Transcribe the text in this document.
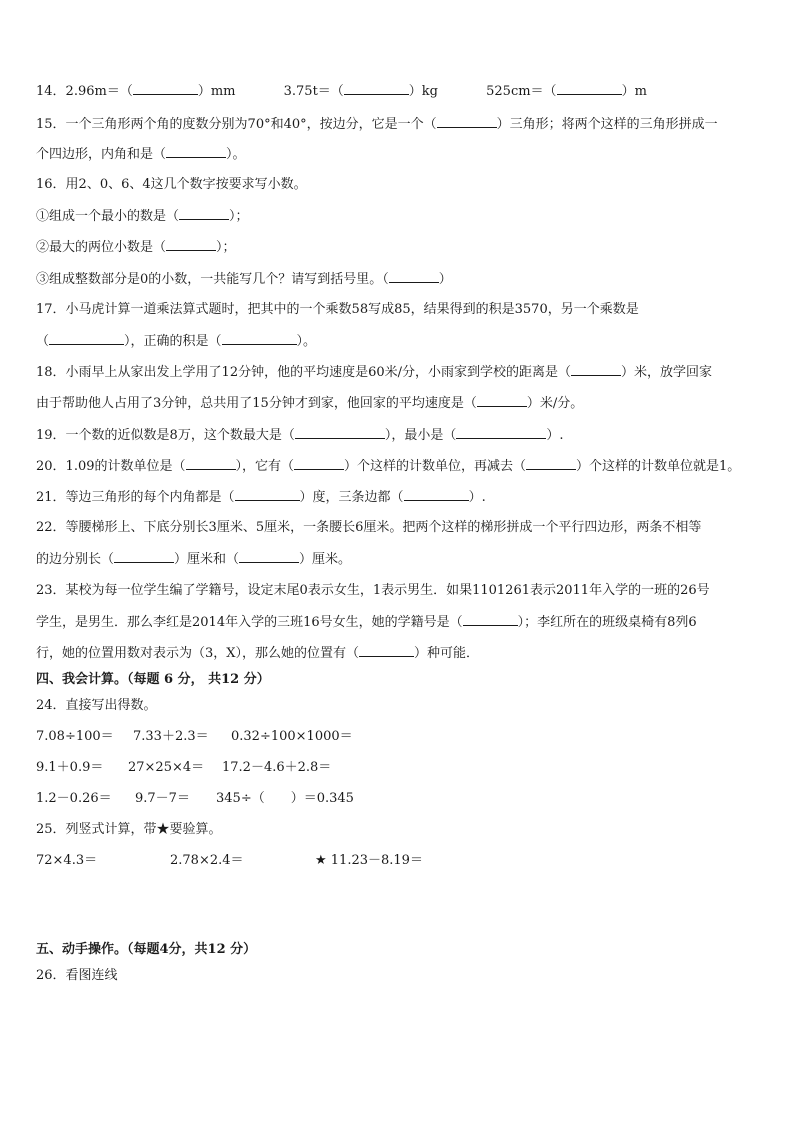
14．2.96m＝（	）mm	3.75t＝（	）kg	525cm＝（	）m
15．一个三角形两个角的度数分别为70°和40°，按边分，它是一个（	）三角形；将两个这样的三角形拼成一
个四边形，内角和是（	）。
16．用2、0、6、4这几个数字按要求写小数。
①组成一个最小的数是（	）；
②最大的两位小数是（	）；
③组成整数部分是0的小数，一共能写几个？请写到括号里。（	）
17．小马虎计算一道乘法算式题时，把其中的一个乘数58写成85，结果得到的积是3570，另一个乘数是
（	），正确的积是（	）。
18．小雨早上从家出发上学用了12分钟，他的平均速度是60米/分，小雨家到学校的距离是（	）米，放学回家
由于帮助他人占用了3分钟，总共用了15分钟才到家，他回家的平均速度是（	）米/分。
19．一个数的近似数是8万，这个数最大是（	），最小是（	）.
20．1.09的计数单位是（	），它有（	）个这样的计数单位，再减去（	）个这样的计数单位就是1。
21．等边三角形的每个内角都是（	）度，三条边都（	）.
22．等腰梯形上、下底分别长3厘米、5厘米，一条腰长6厘米。把两个这样的梯形拼成一个平行四边形，两条不相等
的边分别长（	）厘米和（	）厘米。
23．某校为每一位学生编了学籍号，设定末尾0表示女生，1表示男生．如果1101261表示2011年入学的一班的26号
学生，是男生．那么李红是2014年入学的三班16号女生，她的学籍号是（	）；李红所在的班级桌椅有8列6
行，她的位置用数对表示为（3，X），那么她的位置有（	）种可能．
四、我会计算。（每题 6 分， 共12 分）
24．直接写出得数。
7.08÷100＝ 7.33＋2.3＝ 0.32÷100×1000＝
9.1＋0.9＝ 27×25×4＝ 17.2－4.6＋2.8＝
1.2－0.26＝ 9.7－7＝ 345÷（　　）＝0.345
25．列竖式计算，带★要验算。
72×4.3＝	2.78×2.4＝	★ 11.23－8.19＝
五、动手操作。（每题4分，共12 分）
26．看图连线
